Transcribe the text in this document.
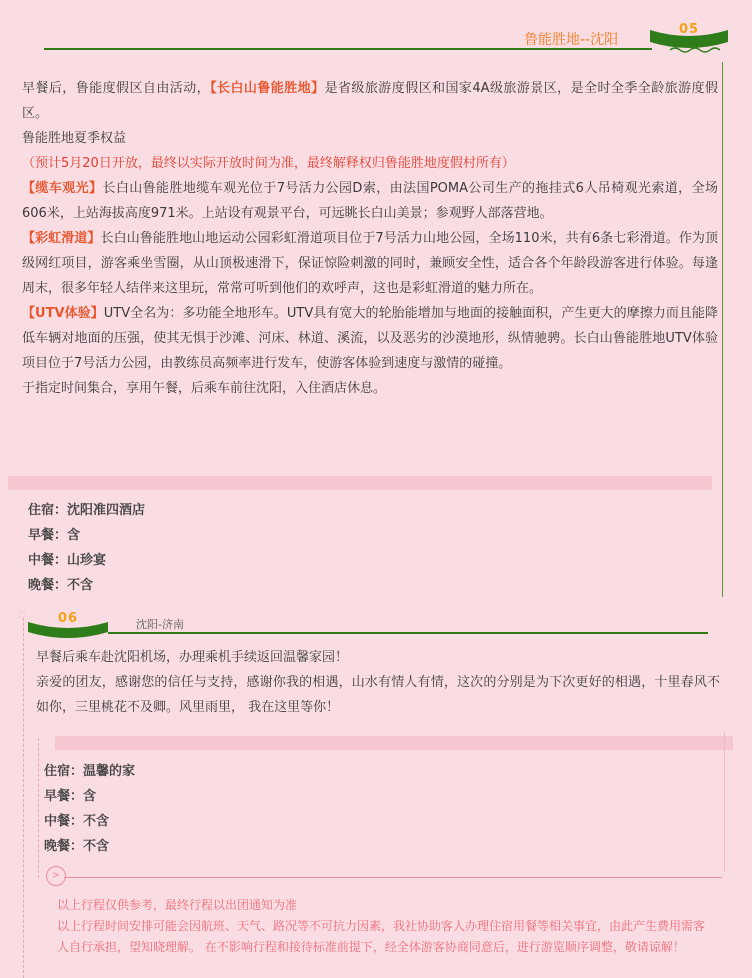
鲁能胜地--沈阳
05

早餐后，鲁能度假区自由活动，【长白山鲁能胜地】是省级旅游度假区和国家4A级旅游景区，是全时全季全龄旅游度假区。

鲁能胜地夏季权益

（预计5月20日开放，最终以实际开放时间为准，最终解释权归鲁能胜地度假村所有）

【缆车观光】长白山鲁能胜地缆车观光位于7号活力公园D索，由法国POMA公司生产的拖挂式6人吊椅观光索道，全场606米，上站海拔高度971米。上站设有观景平台，可远眺长白山美景；参观野人部落营地。

【彩虹滑道】长白山鲁能胜地山地运动公园彩虹滑道项目位于7号活力山地公园，全场110米，共有6条七彩滑道。作为顶级网红项目，游客乘坐雪圈，从山顶极速滑下，保证惊险刺激的同时，兼顾安全性，适合各个年龄段游客进行体验。每逢周末，很多年轻人结伴来这里玩，常常可听到他们的欢呼声，这也是彩虹滑道的魅力所在。

【UTV体验】UTV全名为：多功能全地形车。UTV具有宽大的轮胎能增加与地面的接触面积，产生更大的摩擦力而且能降低车辆对地面的压强，使其无惧于沙滩、河床、林道、溪流，以及恶劣的沙漠地形，纵情驰骋。长白山鲁能胜地UTV体验项目位于7号活力公园，由教练员高频率进行发车，使游客体验到速度与激情的碰撞。

于指定时间集合，享用午餐，后乘车前往沈阳，入住酒店休息。

住宿：沈阳准四酒店
早餐：含
中餐：山珍宴
晚餐：不含
♡ 06	沈阳-济南

早餐后乘车赴沈阳机场，办理乘机手续返回温馨家园！

亲爱的团友，感谢您的信任与支持，感谢你我的相遇，山水有情人有情，这次的分别是为下次更好的相遇，十里春风不如你，三里桃花不及卿。风里雨里， 我在这里等你！

住宿：温馨的家
早餐：含
中餐：不含
晚餐：不含
>

以上行程仅供参考，最终行程以出团通知为准

以上行程时间安排可能会因航班、天气、路况等不可抗力因素，我社协助客人办理住宿用餐等相关事宜，由此产生费用需客人自行承担，望知晓理解。 在不影响行程和接待标准前提下，经全体游客协商同意后，进行游览顺序调整，敬请谅解！
